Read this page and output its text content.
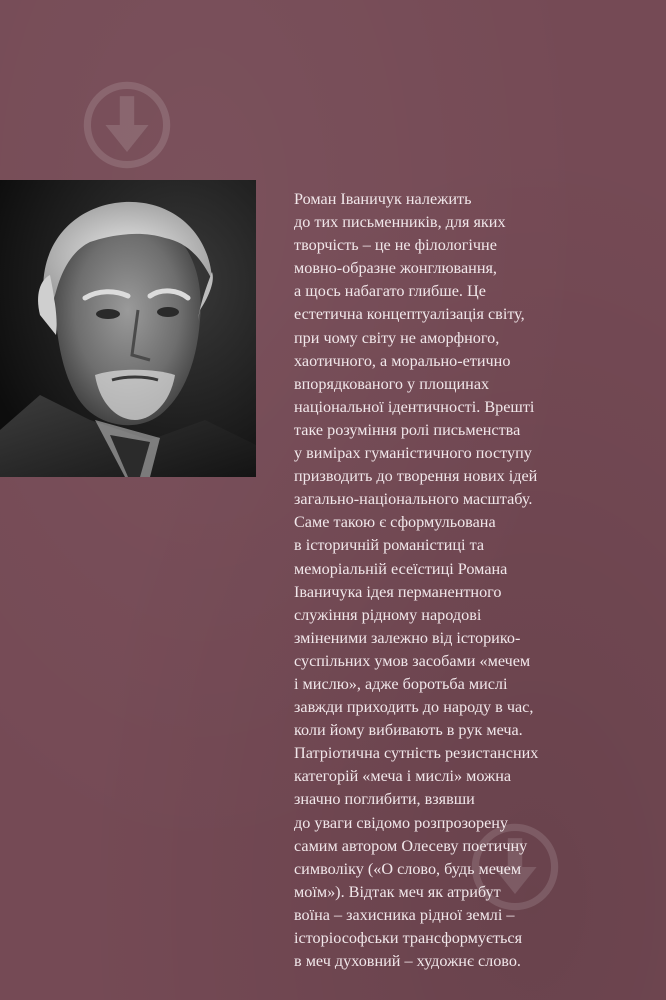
Роман Іваничук належить
до тих письменників, для яких
творчість – це не філологічне
мовно-образне жонглювання,
а щось набагато глибше. Це
естетична концептуалізація світу,
при чому світу не аморфного,
хаотичного, а морально-етично
впорядкованого у площинах
національної ідентичності. Врешті
таке розуміння ролі письменства
у вимірах гуманістичного поступу
призводить до творення нових ідей
загально-національного масштабу.
Саме такою є сформульована
в історичній романістиці та
меморіальній есеїстиці Романа
Іваничука ідея перманентного
служіння рідному народові
зміненими залежно від історико-
суспільних умов засобами «мечем
і мислю», адже боротьба мислі
завжди приходить до народу в час,
коли йому вибивають в рук меча.
Патріотична сутність резистансних
категорій «меча і мислі» можна
значно поглибити, взявши
до уваги свідомо розпрозорену
самим автором Олесеву поетичну
символіку («О слово, будь мечем
моїм»). Відтак меч як атрибут
воїна – захисника рідної землі –
історіософськи трансформується
в меч духовний – художнє слово.
